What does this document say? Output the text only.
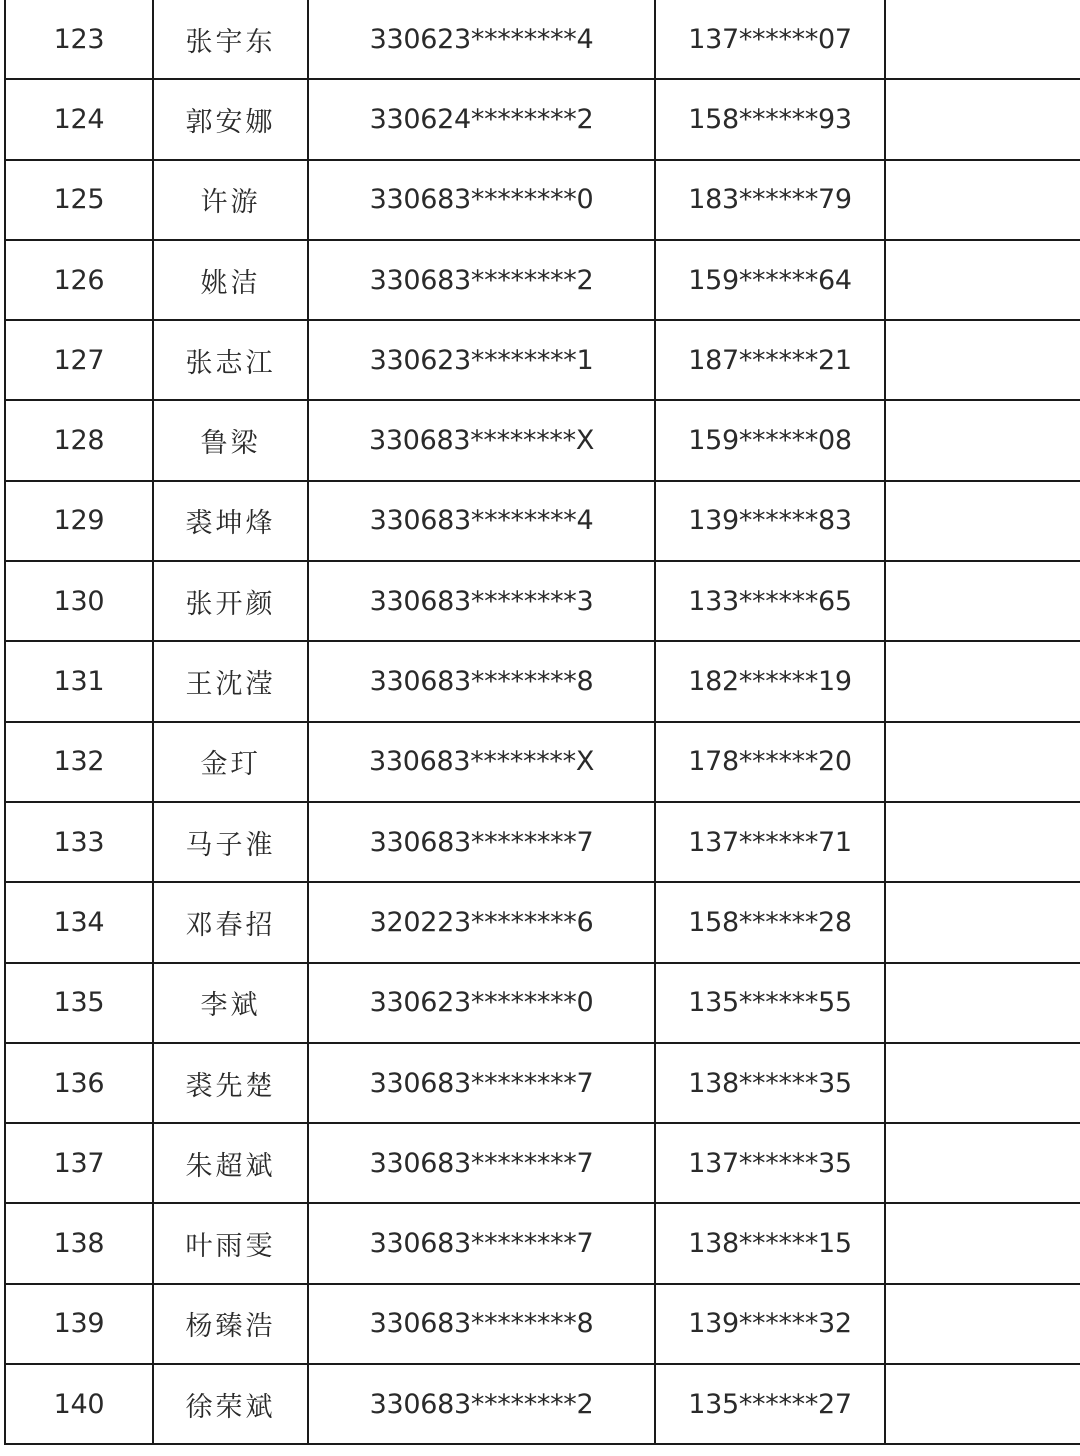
123	张宇东	330623********4	137******07	
124	郭安娜	330624********2	158******93	
125	许游	330683********0	183******79	
126	姚洁	330683********2	159******64	
127	张志江	330623********1	187******21	
128	鲁梁	330683********X	159******08	
129	裘坤烽	330683********4	139******83	
130	张开颜	330683********3	133******65	
131	王沈滢	330683********8	182******19	
132	金玎	330683********X	178******20	
133	马子淮	330683********7	137******71	
134	邓春招	320223********6	158******28	
135	李斌	330623********0	135******55	
136	裘先楚	330683********7	138******35	
137	朱超斌	330683********7	137******35	
138	叶雨雯	330683********7	138******15	
139	杨臻浩	330683********8	139******32	
140	徐荣斌	330683********2	135******27	
